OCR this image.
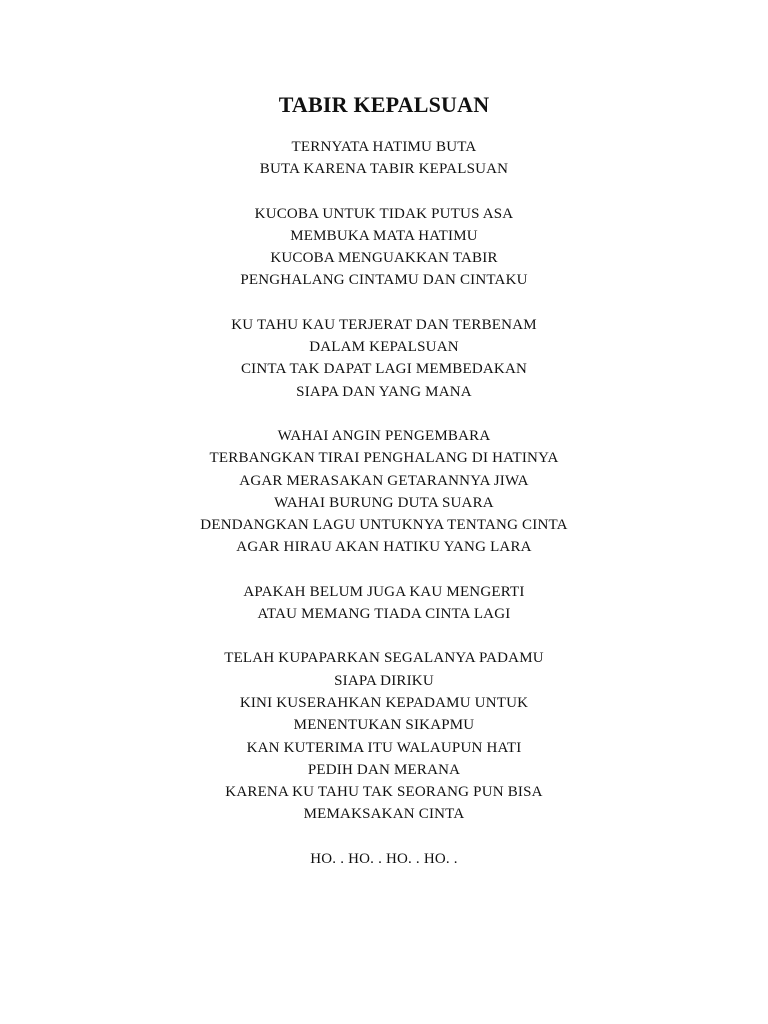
TABIR KEPALSUAN
TERNYATA HATIMU BUTA
BUTA KARENA TABIR KEPALSUAN
KUCOBA UNTUK TIDAK PUTUS ASA
MEMBUKA MATA HATIMU
KUCOBA MENGUAKKAN TABIR
PENGHALANG CINTAMU DAN CINTAKU
KU TAHU KAU TERJERAT DAN TERBENAM
DALAM KEPALSUAN
CINTA TAK DAPAT LAGI MEMBEDAKAN
SIAPA DAN YANG MANA
WAHAI ANGIN PENGEMBARA
TERBANGKAN TIRAI PENGHALANG DI HATINYA
AGAR MERASAKAN GETARANNYA JIWA
WAHAI BURUNG DUTA SUARA
DENDANGKAN LAGU UNTUKNYA TENTANG CINTA
AGAR HIRAU AKAN HATIKU YANG LARA
APAKAH BELUM JUGA KAU MENGERTI
ATAU MEMANG TIADA CINTA LAGI
TELAH KUPAPARKAN SEGALANYA PADAMU
SIAPA DIRIKU
KINI KUSERAHKAN KEPADAMU UNTUK
MENENTUKAN SIKAPMU
KAN KUTERIMA ITU WALAUPUN HATI
PEDIH DAN MERANA
KARENA KU TAHU TAK SEORANG PUN BISA
MEMAKSAKAN CINTA
HO. . HO. . HO. . HO. .
